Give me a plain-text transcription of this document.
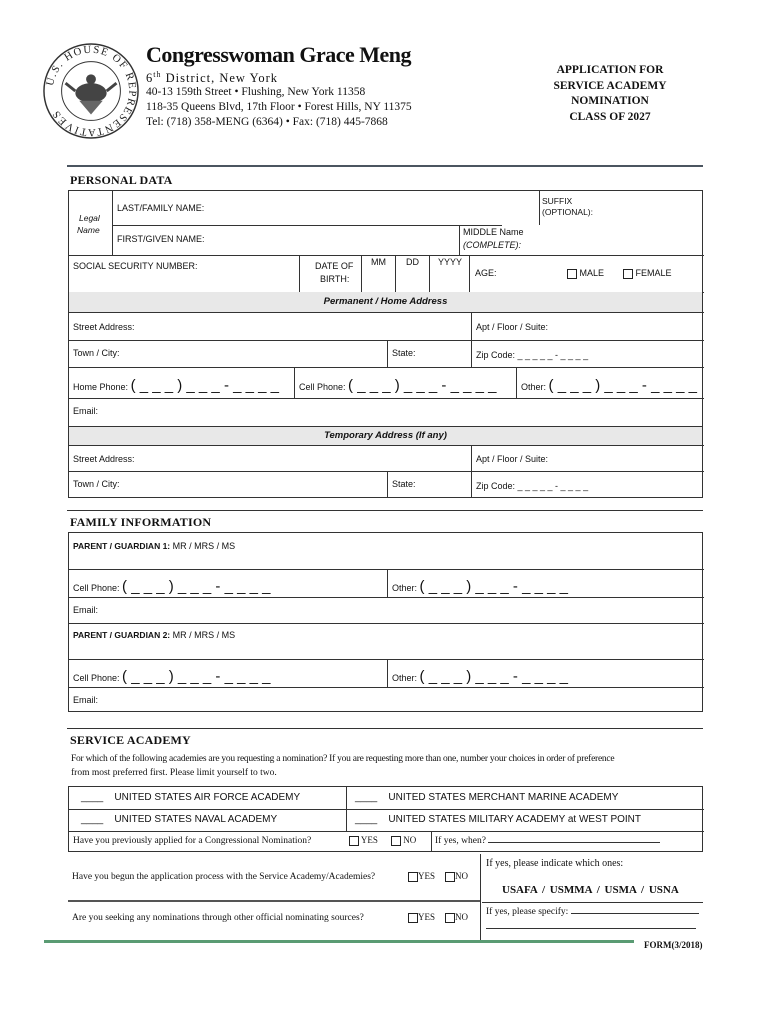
U.S. HOUSE OF REPRESENTATIVES
Congresswoman Grace Meng
6th District, New York
40-13 159th Street • Flushing, New York 11358
118-35 Queens Blvd, 17th Floor • Forest Hills, NY 11375
Tel: (718) 358-MENG (6364) • Fax: (718) 445-7868
APPLICATION FOR
SERVICE ACADEMY
NOMINATION
CLASS OF 2027
PERSONAL DATA
Legal
Name
LAST/FAMILY NAME:
SUFFIX
(OPTIONAL):
FIRST/GIVEN NAME:
MIDDLE Name
(COMPLETE):
SOCIAL SECURITY NUMBER:	DATE OF
BIRTH:
MM DD YYYY
AGE:	MALE	FEMALE
Permanent / Home Address
Street Address:	Apt / Floor / Suite:
Town / City:	State:	Zip Code: _ _ _ _ _ - _ _ _ _
Home Phone: ( _ _ _ ) _ _ _ - _ _ _ _ Cell Phone: ( _ _ _ ) _ _ _ - _ _ _ _	Other: ( _ _ _ ) _ _ _ - _ _ _ _
Email:
Temporary Address (If any)
Street Address:	Apt / Floor / Suite:
Town / City:	State:	Zip Code: _ _ _ _ _ - _ _ _ _
FAMILY INFORMATION
PARENT / GUARDIAN 1: MR / MRS / MS
Cell Phone: ( _ _ _ ) _ _ _ - _ _ _ _	Other: ( _ _ _ ) _ _ _ - _ _ _ _
Email:
PARENT / GUARDIAN 2: MR / MRS / MS
Cell Phone: ( _ _ _ ) _ _ _ - _ _ _ _	Other: ( _ _ _ ) _ _ _ - _ _ _ _
Email:
SERVICE ACADEMY
For which of the following academies are you requesting a nomination? If you are requesting more than one, number your choices in order of preference
from most preferred first. Please limit yourself to two.
____ UNITED STATES AIR FORCE ACADEMY	____ UNITED STATES MERCHANT MARINE ACADEMY
____ UNITED STATES NAVAL ACADEMY	____ UNITED STATES MILITARY ACADEMY at WEST POINT
Have you previously applied for a Congressional Nomination?	YES	NO If yes, when?
Have you begun the application process with the Service Academy/Academies?	YES	NO
If yes, please indicate which ones:
USAFA / USMMA / USMA / USNA
Are you seeking any nominations through other official nominating sources?	YES	NO If yes, please specify:
FORM(3/2018)
